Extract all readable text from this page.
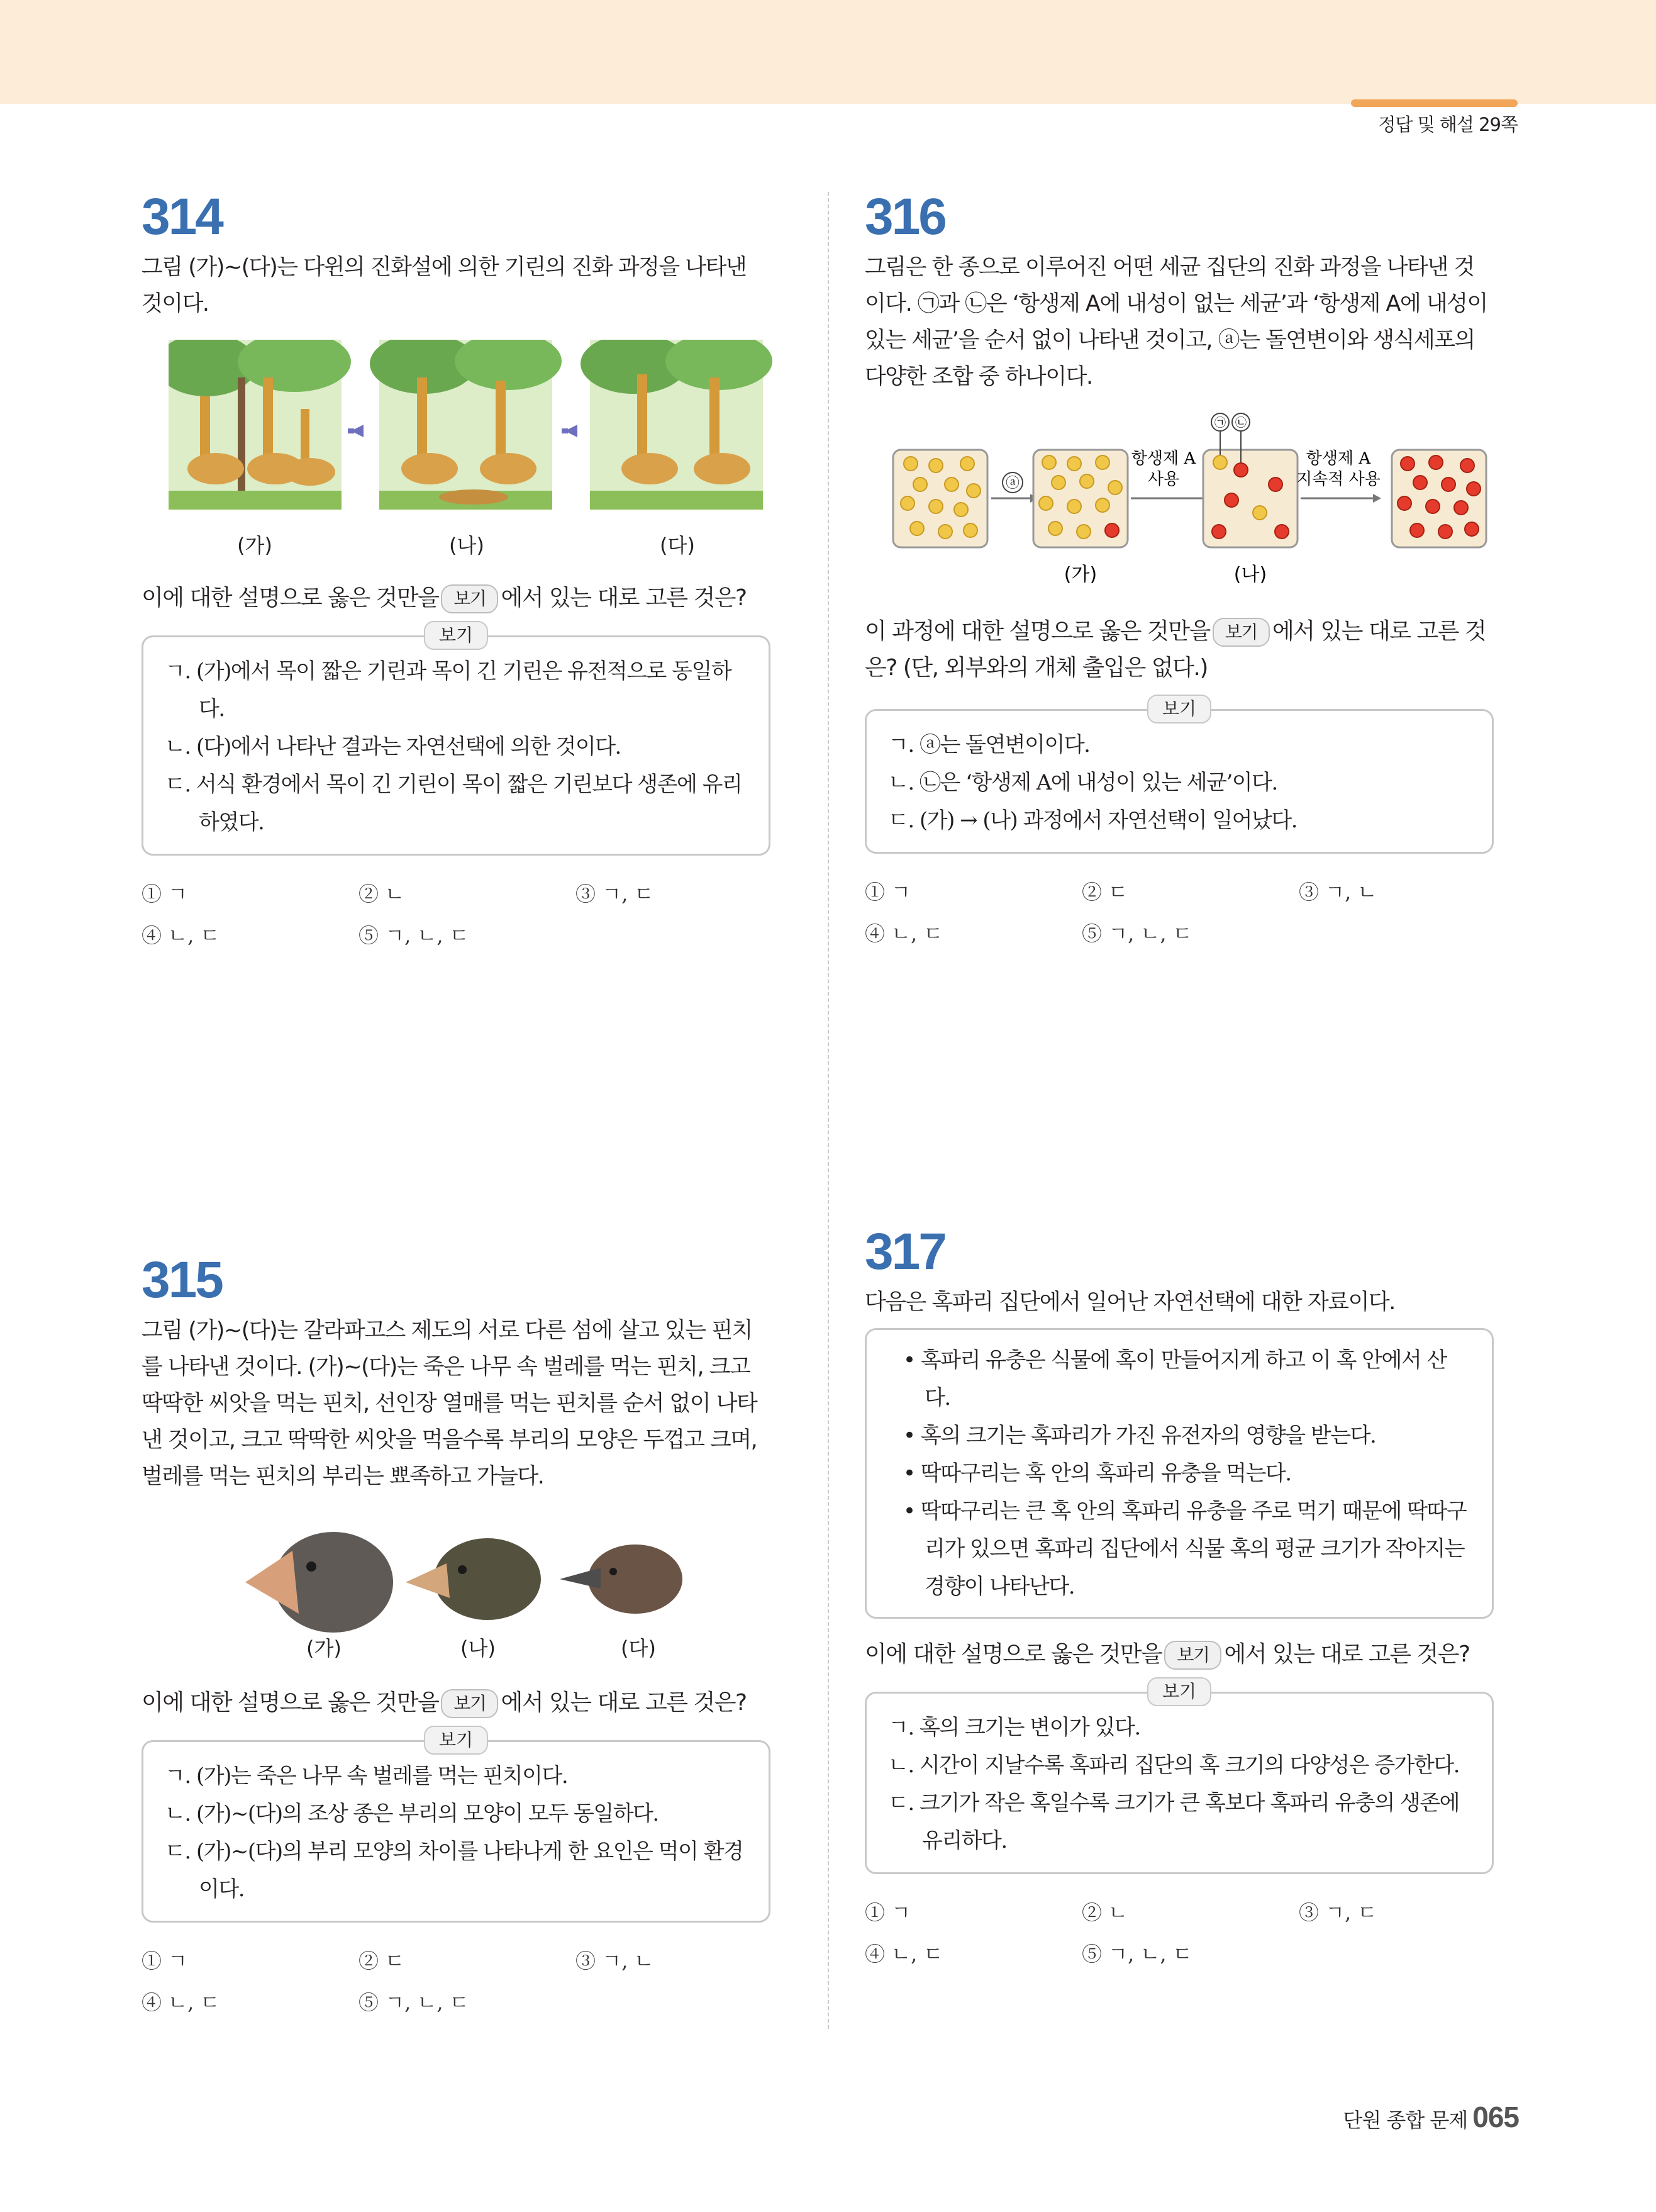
정답 및 해설 29쪽
314
그림 (가)~(다)는 다윈의 진화설에 의한 기린의 진화 과정을 나타낸 것이다.
(가)	(나)	(다)
이에 대한 설명으로 옳은 것만을 보기 에서 있는 대로 고른 것은?
보기
ㄱ. (가)에서 목이 짧은 기린과 목이 긴 기린은 유전적으로 동일하다.
ㄴ. (다)에서 나타난 결과는 자연선택에 의한 것이다.
ㄷ. 서식 환경에서 목이 긴 기린이 목이 짧은 기린보다 생존에 유리하였다.
① ㄱ	② ㄴ	③ ㄱ, ㄷ
④ ㄴ, ㄷ	⑤ ㄱ, ㄴ, ㄷ
315
그림 (가)~(다)는 갈라파고스 제도의 서로 다른 섬에 살고 있는 핀치를 나타낸 것이다. (가)~(다)는 죽은 나무 속 벌레를 먹는 핀치, 크고 딱딱한 씨앗을 먹는 핀치, 선인장 열매를 먹는 핀치를 순서 없이 나타낸 것이고, 크고 딱딱한 씨앗을 먹을수록 부리의 모양은 두껍고 크며, 벌레를 먹는 핀치의 부리는 뾰족하고 가늘다.
(가)	(나)	(다)
이에 대한 설명으로 옳은 것만을 보기 에서 있는 대로 고른 것은?
보기
ㄱ. (가)는 죽은 나무 속 벌레를 먹는 핀치이다.
ㄴ. (가)~(다)의 조상 종은 부리의 모양이 모두 동일하다.
ㄷ. (가)~(다)의 부리 모양의 차이를 나타나게 한 요인은 먹이 환경이다.
① ㄱ	② ㄷ	③ ㄱ, ㄴ
④ ㄴ, ㄷ	⑤ ㄱ, ㄴ, ㄷ
316
그림은 한 종으로 이루어진 어떤 세균 집단의 진화 과정을 나타낸 것이다. ㉠과 ㉡은 ‘항생제 A에 내성이 없는 세균’과 ‘항생제 A에 내성이 있는 세균’을 순서 없이 나타낸 것이고, ⓐ는 돌연변이와 생식세포의 다양한 조합 중 하나이다.
ⓐ
항생제 A
사용
㉠ ㉡
항생제 A
지속적 사용
(가)	(나)
이 과정에 대한 설명으로 옳은 것만을 보기 에서 있는 대로 고른 것은? (단, 외부와의 개체 출입은 없다.)
보기
ㄱ. ⓐ는 돌연변이이다.
ㄴ. ㉡은 ‘항생제 A에 내성이 있는 세균’이다.
ㄷ. (가) → (나) 과정에서 자연선택이 일어났다.
① ㄱ	② ㄷ	③ ㄱ, ㄴ
④ ㄴ, ㄷ	⑤ ㄱ, ㄴ, ㄷ
317
다음은 혹파리 집단에서 일어난 자연선택에 대한 자료이다.
• 혹파리 유충은 식물에 혹이 만들어지게 하고 이 혹 안에서 산다.
• 혹의 크기는 혹파리가 가진 유전자의 영향을 받는다.
• 딱따구리는 혹 안의 혹파리 유충을 먹는다.
• 딱따구리는 큰 혹 안의 혹파리 유충을 주로 먹기 때문에 딱따구리가 있으면 혹파리 집단에서 식물 혹의 평균 크기가 작아지는 경향이 나타난다.
이에 대한 설명으로 옳은 것만을 보기 에서 있는 대로 고른 것은?
보기
ㄱ. 혹의 크기는 변이가 있다.
ㄴ. 시간이 지날수록 혹파리 집단의 혹 크기의 다양성은 증가한다.
ㄷ. 크기가 작은 혹일수록 크기가 큰 혹보다 혹파리 유충의 생존에 유리하다.
① ㄱ	② ㄴ	③ ㄱ, ㄷ
④ ㄴ, ㄷ	⑤ ㄱ, ㄴ, ㄷ
단원 종합 문제 065
